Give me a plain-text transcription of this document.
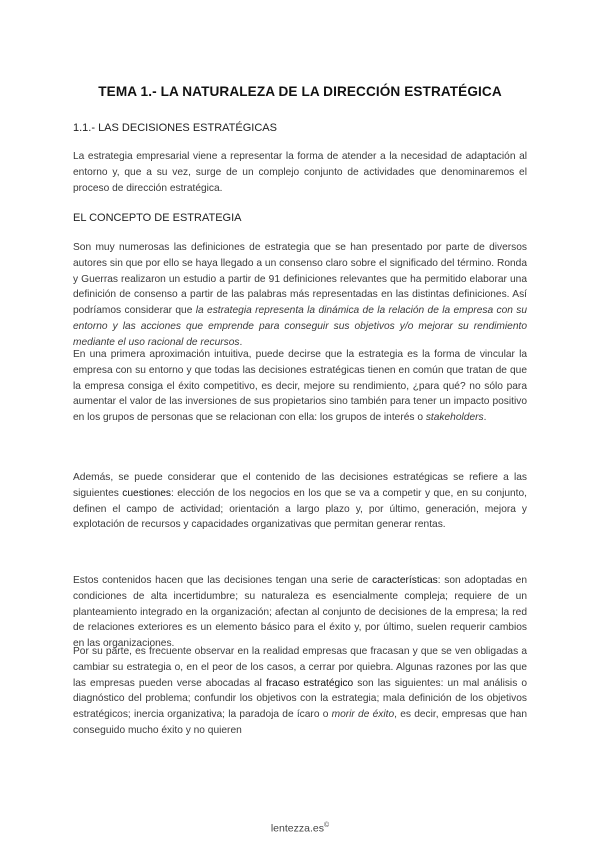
TEMA 1.- LA NATURALEZA DE LA DIRECCIÓN ESTRATÉGICA
1.1.- LAS DECISIONES ESTRATÉGICAS

La estrategia empresarial viene a representar la forma de atender a la necesidad de adaptación al entorno y, que a su vez, surge de un complejo conjunto de actividades que denominaremos el proceso de dirección estratégica.

EL CONCEPTO DE ESTRATEGIA

Son muy numerosas las definiciones de estrategia que se han presentado por parte de diversos autores sin que por ello se haya llegado a un consenso claro sobre el significado del término. Ronda y Guerras realizaron un estudio a partir de 91 definiciones relevantes que ha permitido elaborar una definición de consenso a partir de las palabras más representadas en las distintas definiciones. Así podríamos considerar que la estrategia representa la dinámica de la relación de la empresa con su entorno y las acciones que emprende para conseguir sus objetivos y/o mejorar su rendimiento mediante el uso racional de recursos.

En una primera aproximación intuitiva, puede decirse que la estrategia es la forma de vincular la empresa con su entorno y que todas las decisiones estratégicas tienen en común que tratan de que la empresa consiga el éxito competitivo, es decir, mejore su rendimiento, ¿para qué? no sólo para aumentar el valor de las inversiones de sus propietarios sino también para tener un impacto positivo en los grupos de personas que se relacionan con ella: los grupos de interés o stakeholders.

Además, se puede considerar que el contenido de las decisiones estratégicas se refiere a las siguientes cuestiones: elección de los negocios en los que se va a competir y que, en su conjunto, definen el campo de actividad; orientación a largo plazo y, por último, generación, mejora y explotación de recursos y capacidades organizativas que permitan generar rentas.

Estos contenidos hacen que las decisiones tengan una serie de características: son adoptadas en condiciones de alta incertidumbre; su naturaleza es esencialmente compleja; requiere de un planteamiento integrado en la organización; afectan al conjunto de decisiones de la empresa; la red de relaciones exteriores es un elemento básico para el éxito y, por último, suelen requerir cambios en las organizaciones.

Por su parte, es frecuente observar en la realidad empresas que fracasan y que se ven obligadas a cambiar su estrategia o, en el peor de los casos, a cerrar por quiebra. Algunas razones por las que las empresas pueden verse abocadas al fracaso estratégico son las siguientes: un mal análisis o diagnóstico del problema; confundir los objetivos con la estrategia; mala definición de los objetivos estratégicos; inercia organizativa; la paradoja de ícaro o morir de éxito, es decir, empresas que han conseguido mucho éxito y no quieren

lentezza.es©
